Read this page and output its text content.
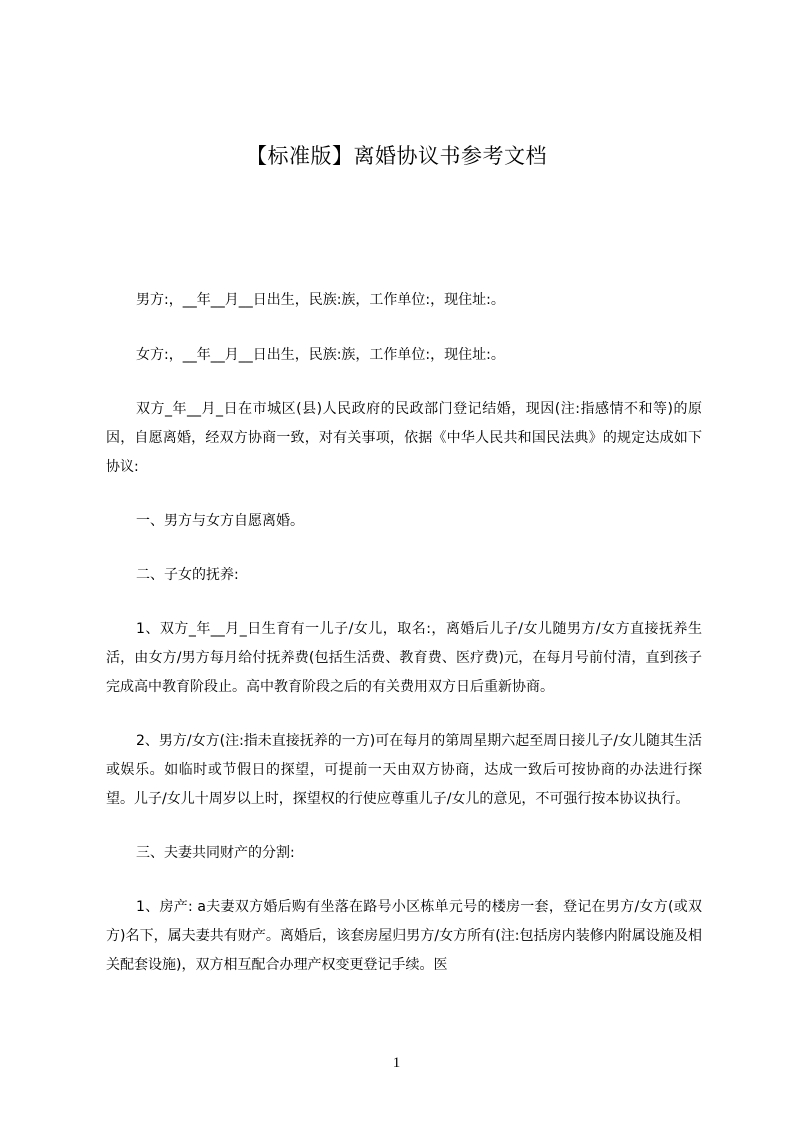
【标准版】离婚协议书参考文档

男方:，__年__月__日出生，民族:族，工作单位:，现住址:。

女方:，__年__月__日出生，民族:族，工作单位:，现住址:。

双方_年__月_日在市城区(县)人民政府的民政部门登记结婚，现因(注:指感情不和等)的原因，自愿离婚，经双方协商一致，对有关事项，依据《中华人民共和国民法典》的规定达成如下协议:

一、男方与女方自愿离婚。

二、子女的抚养:

1、双方_年__月_日生育有一儿子/女儿，取名:，离婚后儿子/女儿随男方/女方直接抚养生活，由女方/男方每月给付抚养费(包括生活费、教育费、医疗费)元，在每月号前付清，直到孩子完成高中教育阶段止。高中教育阶段之后的有关费用双方日后重新协商。

2、男方/女方(注:指未直接抚养的一方)可在每月的第周星期六起至周日接儿子/女儿随其生活或娱乐。如临时或节假日的探望，可提前一天由双方协商，达成一致后可按协商的办法进行探望。儿子/女儿十周岁以上时，探望权的行使应尊重儿子/女儿的意见，不可强行按本协议执行。

三、夫妻共同财产的分割:

1、房产: a夫妻双方婚后购有坐落在路号小区栋单元号的楼房一套，登记在男方/女方(或双方)名下，属夫妻共有财产。离婚后，该套房屋归男方/女方所有(注:包括房内装修内附属设施及相关配套设施)，双方相互配合办理产权变更登记手续。医

1
